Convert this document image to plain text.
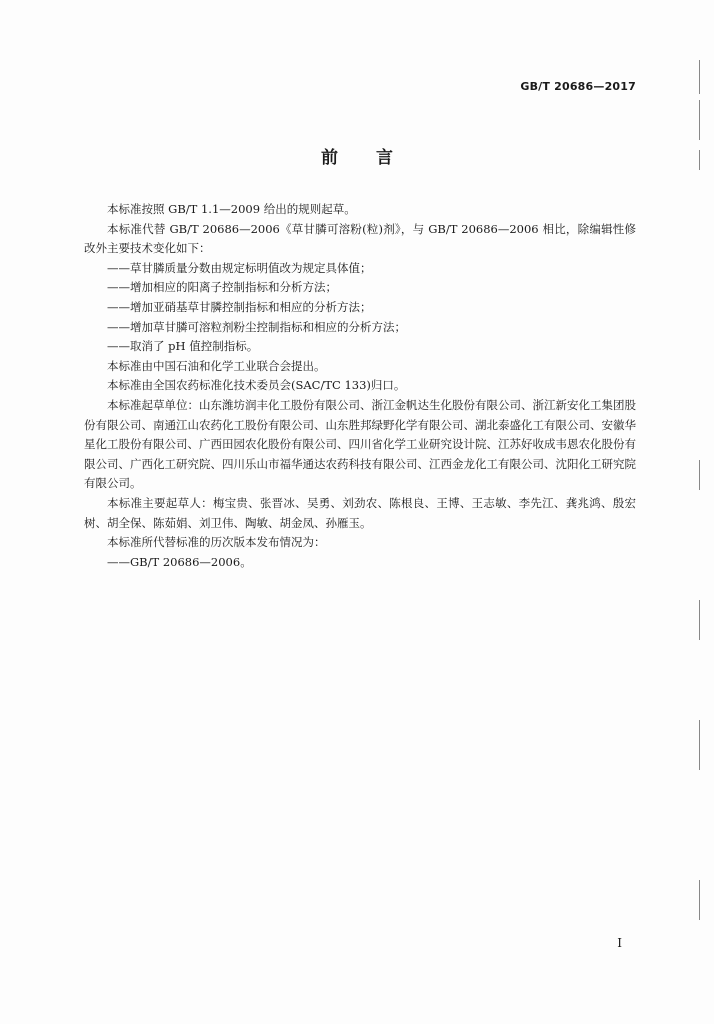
GB/T 20686—2017
前言

本标准按照 GB/T 1.1—2009 给出的规则起草。

本标准代替 GB/T 20686—2006《草甘膦可溶粉(粒)剂》，与 GB/T 20686—2006 相比，除编辑性修改外主要技术变化如下：

——草甘膦质量分数由规定标明值改为规定具体值；

——增加相应的阳离子控制指标和分析方法；

——增加亚硝基草甘膦控制指标和相应的分析方法；

——增加草甘膦可溶粒剂粉尘控制指标和相应的分析方法；

——取消了 pH 值控制指标。

本标准由中国石油和化学工业联合会提出。

本标准由全国农药标准化技术委员会(SAC/TC 133)归口。

本标准起草单位：山东潍坊润丰化工股份有限公司、浙江金帆达生化股份有限公司、浙江新安化工集团股份有限公司、南通江山农药化工股份有限公司、山东胜邦绿野化学有限公司、湖北泰盛化工有限公司、安徽华星化工股份有限公司、广西田园农化股份有限公司、四川省化学工业研究设计院、江苏好收成韦恩农化股份有限公司、广西化工研究院、四川乐山市福华通达农药科技有限公司、江西金龙化工有限公司、沈阳化工研究院有限公司。

本标准主要起草人：梅宝贵、张晋冰、吴勇、刘劲农、陈根良、王博、王志敏、李先江、龚兆鸿、殷宏树、胡全保、陈茹娟、刘卫伟、陶敏、胡金凤、孙雁玉。

本标准所代替标准的历次版本发布情况为：

——GB/T 20686—2006。

I
